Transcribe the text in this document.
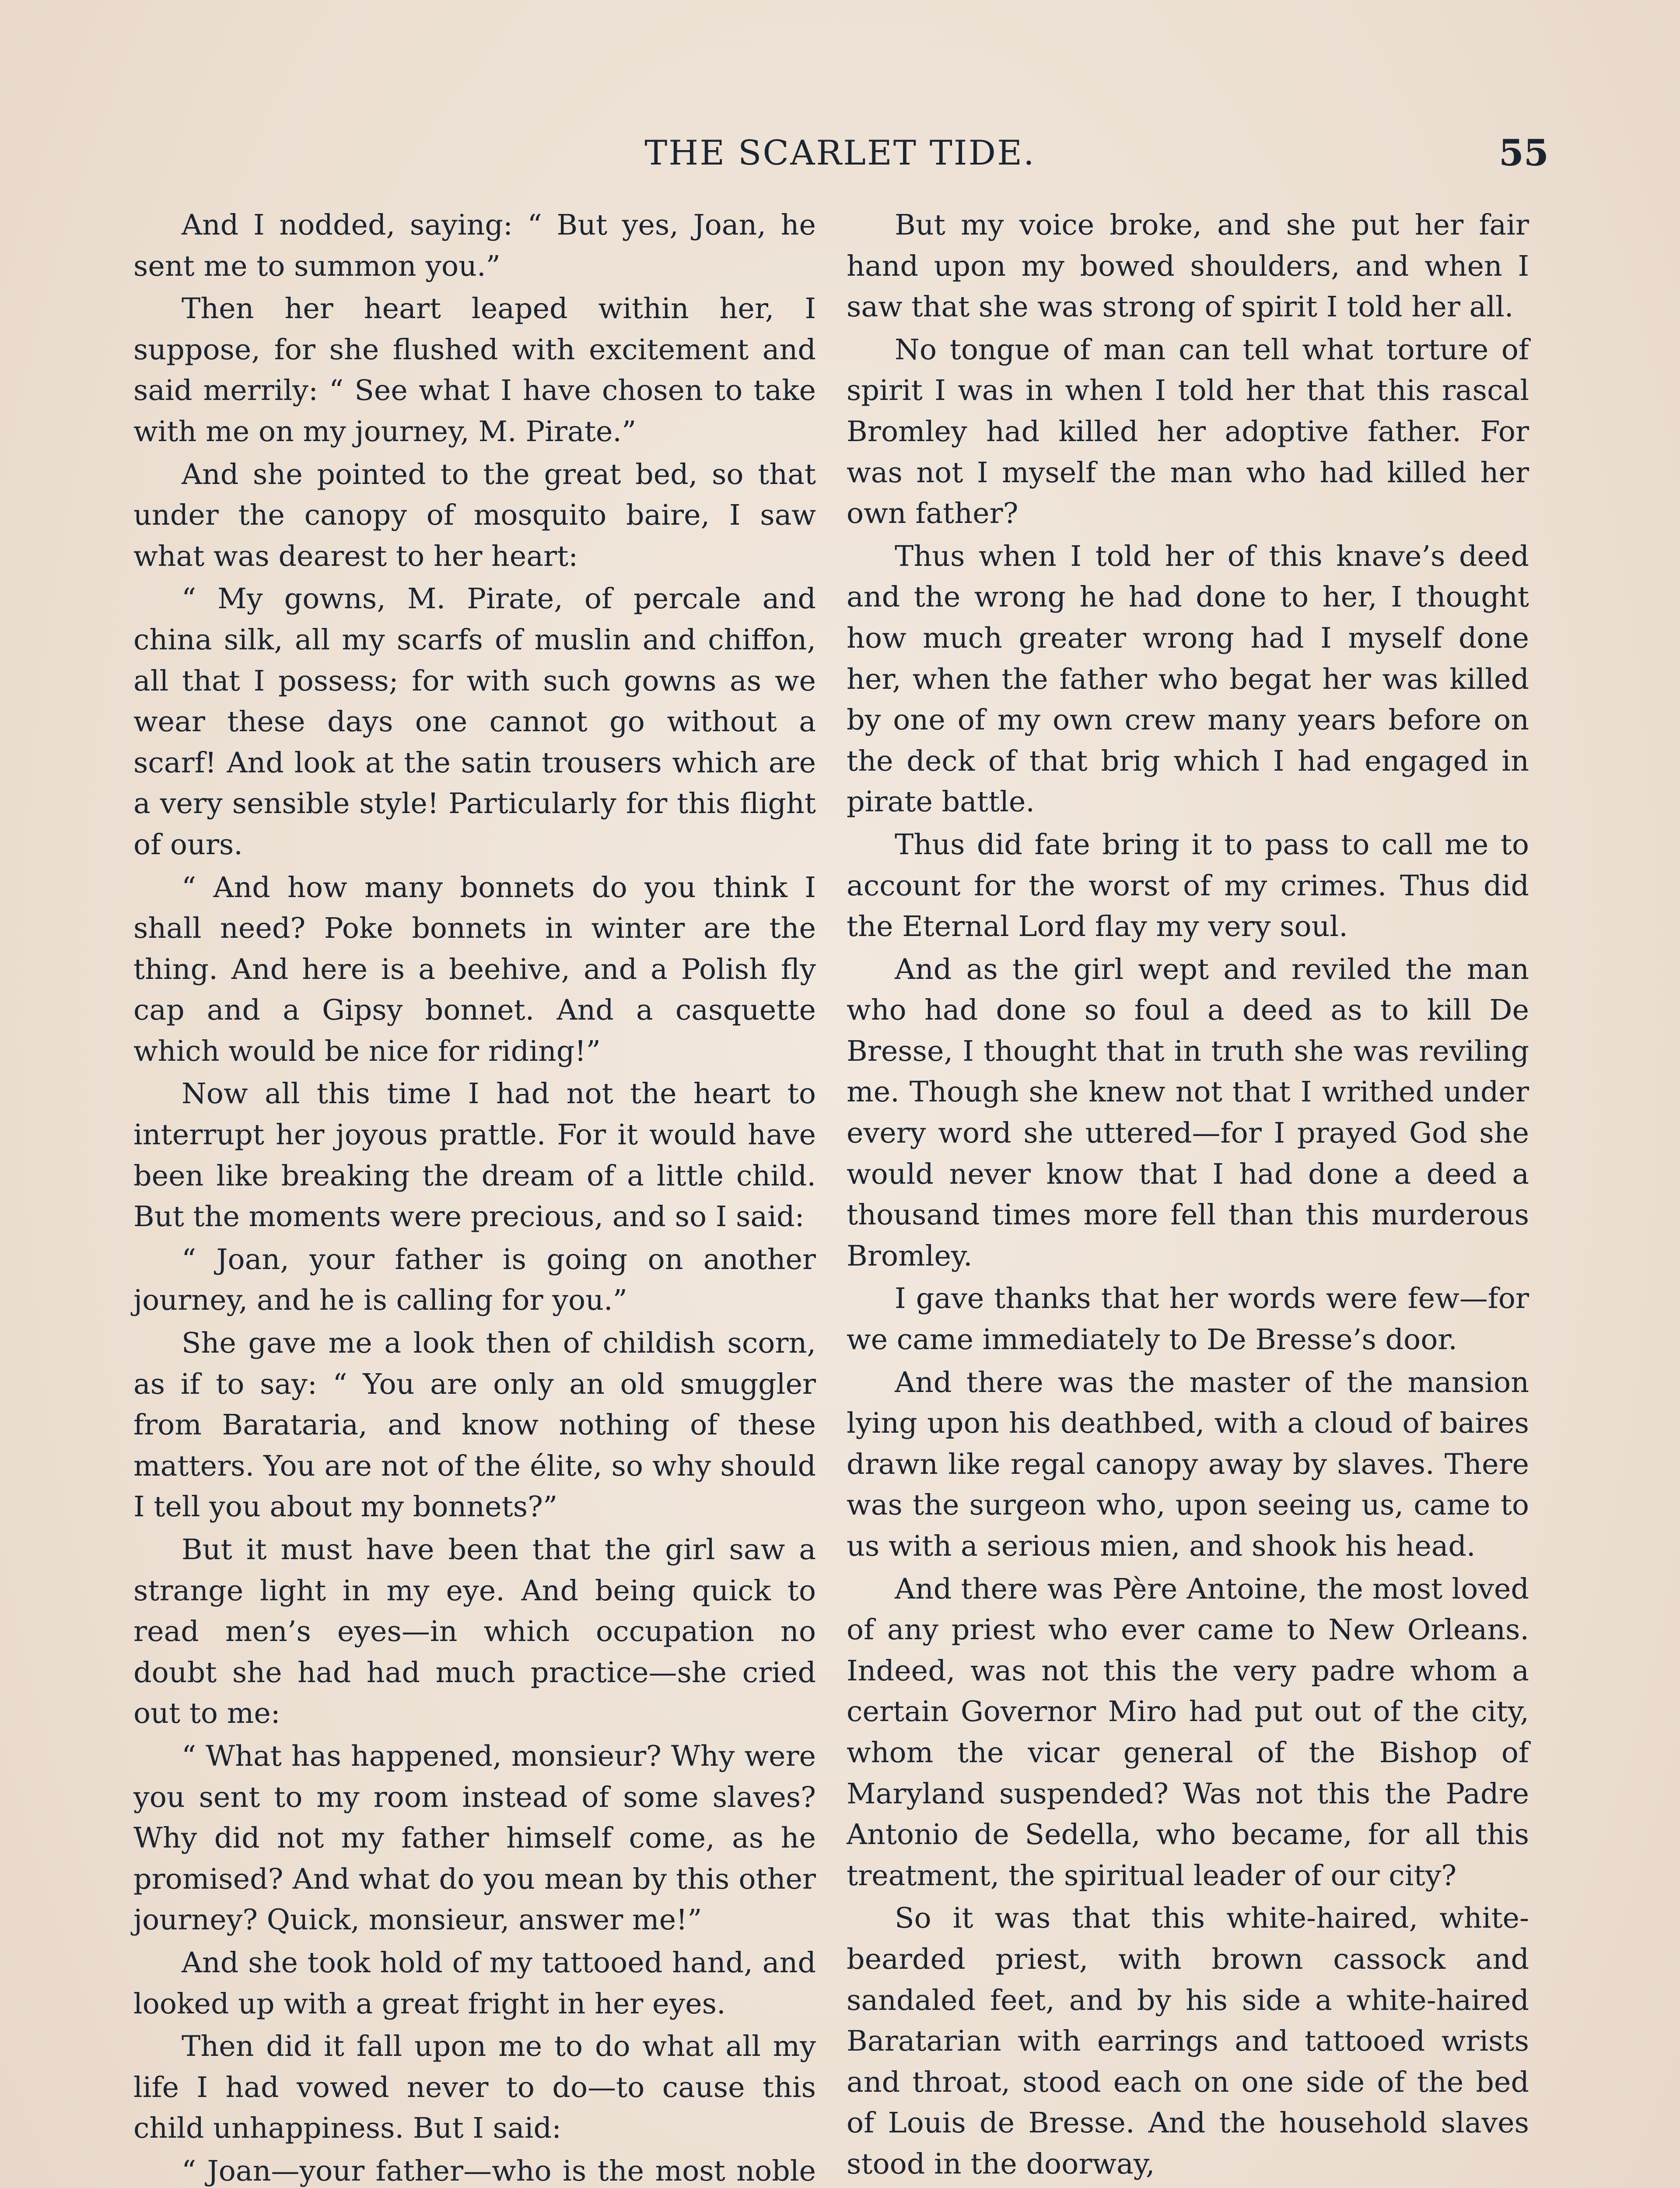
THE SCARLET TIDE.	55

And I nodded, saying: “ But yes, Joan, he sent me to summon you.”

Then her heart leaped within her, I suppose, for she flushed with excitement and said merrily: “ See what I have chosen to take with me on my journey, M. Pirate.”

And she pointed to the great bed, so that under the canopy of mosquito baire, I saw what was dearest to her heart:

“ My gowns, M. Pirate, of percale and china silk, all my scarfs of muslin and chiffon, all that I possess; for with such gowns as we wear these days one cannot go without a scarf! And look at the satin trousers which are a very sensible style! Particularly for this flight of ours.

“ And how many bonnets do you think I shall need? Poke bonnets in winter are the thing. And here is a beehive, and a Polish fly cap and a Gipsy bonnet. And a casquette which would be nice for riding!”

Now all this time I had not the heart to interrupt her joyous prattle. For it would have been like breaking the dream of a little child. But the moments were precious, and so I said:

“ Joan, your father is going on another journey, and he is calling for you.”

She gave me a look then of childish scorn, as if to say: “ You are only an old smuggler from Barataria, and know nothing of these matters. You are not of the élite, so why should I tell you about my bonnets?”

But it must have been that the girl saw a strange light in my eye. And being quick to read men’s eyes—in which occupation no doubt she had had much practice—she cried out to me:

“ What has happened, monsieur? Why were you sent to my room instead of some slaves? Why did not my father himself come, as he promised? And what do you mean by this other journey? Quick, monsieur, answer me!”

And she took hold of my tattooed hand, and looked up with a great fright in her eyes.

Then did it fall upon me to do what all my life I had vowed never to do—to cause this child unhappiness. But I said:

“ Joan—your father—who is the most noble

But my voice broke, and she put her fair hand upon my bowed shoulders, and when I saw that she was strong of spirit I told her all.

No tongue of man can tell what torture of spirit I was in when I told her that this rascal Bromley had killed her adoptive father. For was not I myself the man who had killed her own father?

Thus when I told her of this knave’s deed and the wrong he had done to her, I thought how much greater wrong had I myself done her, when the father who begat her was killed by one of my own crew many years before on the deck of that brig which I had engaged in pirate battle.

Thus did fate bring it to pass to call me to account for the worst of my crimes. Thus did the Eternal Lord flay my very soul.

And as the girl wept and reviled the man who had done so foul a deed as to kill De Bresse, I thought that in truth she was reviling me. Though she knew not that I writhed under every word she uttered—for I prayed God she would never know that I had done a deed a thousand times more fell than this murderous Bromley.

I gave thanks that her words were few—for we came immediately to De Bresse’s door.

And there was the master of the mansion lying upon his deathbed, with a cloud of baires drawn like regal canopy away by slaves. There was the surgeon who, upon seeing us, came to us with a serious mien, and shook his head.

And there was Père Antoine, the most loved of any priest who ever came to New Orleans. Indeed, was not this the very padre whom a certain Governor Miro had put out of the city, whom the vicar general of the Bishop of Maryland suspended? Was not this the Padre Antonio de Sedella, who became, for all this treatment, the spiritual leader of our city?

So it was that this white-haired, white-bearded priest, with brown cassock and sandaled feet, and by his side a white-haired Baratarian with earrings and tattooed wrists and throat, stood each on one side of the bed of Louis de Bresse. And the household slaves stood in the doorway,
